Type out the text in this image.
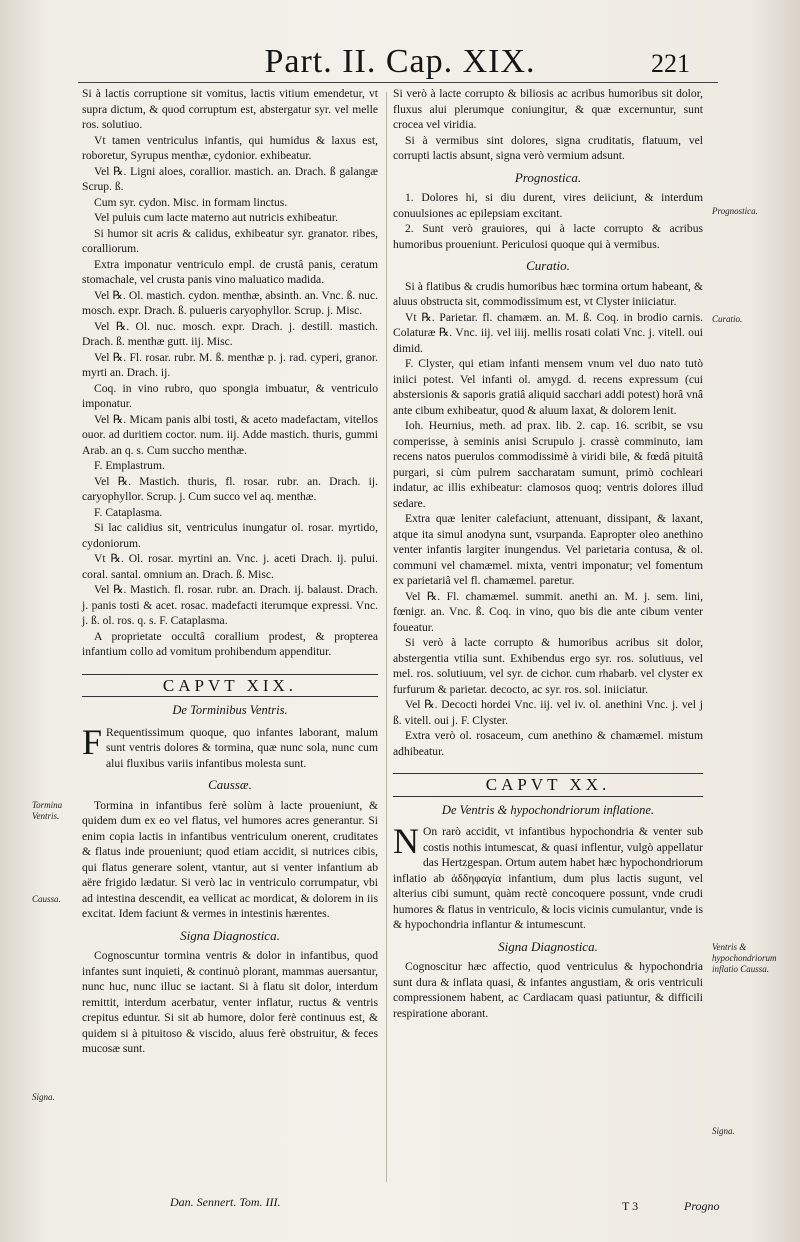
Part. II. Cap. XIX.	221

Si à lactis corruptione sit vomitus, lactis vitium emendetur, vt supra dictum, & quod corruptum est, abstergatur syr. vel melle ros. solutiuo.

Vt tamen ventriculus infantis, qui humidus & laxus est, roboretur, Syrupus menthæ, cydonior. exhibeatur.

Vel ℞. Ligni aloes, corallior. mastich. an. Drach. ß galangæ Scrup. ß.

Cum syr. cydon. Misc. in formam linctus.

Vel puluis cum lacte materno aut nutricis exhibeatur.

Si humor sit acris & calidus, exhibeatur syr. granator. ribes, coralliorum.

Extra imponatur ventriculo empl. de crustâ panis, ceratum stomachale, vel crusta panis vino maluatico madida.

Vel ℞. Ol. mastich. cydon. menthæ, absinth. an. Vnc. ß. nuc. mosch. expr. Drach. ß. pulueris caryophyllor. Scrup. j. Misc.

Vel ℞. Ol. nuc. mosch. expr. Drach. j. destill. mastich. Drach. ß. menthæ gutt. iij. Misc.

Vel ℞. Fl. rosar. rubr. M. ß. menthæ p. j. rad. cyperi, granor. myrti an. Drach. ij.

Coq. in vino rubro, quo spongia imbuatur, & ventriculo imponatur.

Vel ℞. Micam panis albi tosti, & aceto madefactam, vitellos ouor. ad duritiem coctor. num. iij. Adde mastich. thuris, gummi Arab. an q. s. Cum succho menthæ.

F. Emplastrum.

Vel ℞. Mastich. thuris, fl. rosar. rubr. an. Drach. ij. caryophyllor. Scrup. j. Cum succo vel aq. menthæ.

F. Cataplasma.

Si lac calidius sit, ventriculus inungatur ol. rosar. myrtido, cydoniorum.

Vt ℞. Ol. rosar. myrtini an. Vnc. j. aceti Drach. ij. pului. coral. santal. omnium an. Drach. ß. Misc.

Vel ℞. Mastich. fl. rosar. rubr. an. Drach. ij. balaust. Drach. j. panis tosti & acet. rosac. madefacti iterumque expressi. Vnc. j. ß. ol. ros. q. s. F. Cataplasma.

A proprietate occultâ corallium prodest, & propterea infantium collo ad vomitum prohibendum appenditur.

CAPVT XIX.
De Torminibus Ventris.

F Requentissimum quoque, quo infantes laborant, malum sunt ventris dolores & tormina, quæ nunc sola, nunc cum alui fluxibus variis infantibus molesta sunt.

Caussæ.

Tormina in infantibus ferè solùm à lacte proueniunt, & quidem dum ex eo vel flatus, vel humores acres generantur. Si enim copia lactis in infantibus ventriculum onerent, cruditates & flatus inde proueniunt; quod etiam accidit, si nutrices cibis, qui flatus generare solent, vtantur, aut si venter infantium ab aëre frigido lædatur. Si verò lac in ventriculo corrumpatur, vbi ad intestina descendit, ea vellicat ac mordicat, & dolorem in iis excitat. Idem faciunt & vermes in intestinis hærentes.

Signa Diagnostica.

Cognoscuntur tormina ventris & dolor in infantibus, quod infantes sunt inquieti, & continuò plorant, mammas auersantur, nunc huc, nunc illuc se iactant. Si à flatu sit dolor, interdum remittit, interdum acerbatur, venter inflatur, ructus & ventris crepitus eduntur. Si sit ab humore, dolor ferè continuus est, & quidem si à pituitoso & viscido, aluus ferè obstruitur, & feces mucosæ sunt.

Si verò à lacte corrupto & biliosis ac acribus humoribus sit dolor, fluxus alui plerumque coniungitur, & quæ excernuntur, sunt crocea vel viridia.

Si à vermibus sint dolores, signa cruditatis, flatuum, vel corrupti lactis absunt, signa verò vermium adsunt.

Prognostica.

1. Dolores hi, si diu durent, vires deiiciunt, & interdum conuulsiones ac epilepsiam excitant.

2. Sunt verò grauiores, qui à lacte corrupto & acribus humoribus proueniunt. Periculosi quoque qui à vermibus.

Curatio.

Si à flatibus & crudis humoribus hæc tormina ortum habeant, & aluus obstructa sit, commodissimum est, vt Clyster iniiciatur.

Vt ℞. Parietar. fl. chamæm. an. M. ß. Coq. in brodio carnis. Colaturæ ℞. Vnc. iij. vel iiij. mellis rosati colati Vnc. j. vitell. oui dimid.

F. Clyster, qui etiam infanti mensem vnum vel duo nato tutò iniici potest. Vel infanti ol. amygd. d. recens expressum (cui abstersionis & saporis gratiâ aliquid sacchari addi potest) horâ vnâ ante cibum exhibeatur, quod & aluum laxat, & dolorem lenit.

Ioh. Heurnius, meth. ad prax. lib. 2. cap. 16. scribit, se vsu comperisse, à seminis anisi Scrupulo j. crassè comminuto, iam recens natos puerulos commodissimè à viridi bile, & fœdâ pituitâ purgari, si cùm pulrem saccharatam sumunt, primò cochleari indatur, ac illis exhibeatur: clamosos quoq; ventris dolores illud sedare.

Extra quæ leniter calefaciunt, attenuant, dissipant, & laxant, atque ita simul anodyna sunt, vsurpanda. Eapropter oleo anethino venter infantis largiter inungendus. Vel parietaria contusa, & ol. communi vel chamæmel. mixta, ventri imponatur; vel fomentum ex parietariâ vel fl. chamæmel. paretur.

Vel ℞. Fl. chamæmel. summit. anethi an. M. j. sem. lini, fœnigr. an. Vnc. ß. Coq. in vino, quo bis die ante cibum venter foueatur.

Si verò à lacte corrupto & humoribus acribus sit dolor, abstergentia vtilia sunt. Exhibendus ergo syr. ros. solutiuus, vel mel. ros. solutiuum, vel syr. de cichor. cum rhabarb. vel clyster ex furfurum & parietar. decocto, ac syr. ros. sol. iniiciatur.

Vel ℞. Decocti hordei Vnc. iij. vel iv. ol. anethini Vnc. j. vel j ß. vitell. oui j. F. Clyster.

Extra verò ol. rosaceum, cum anethino & chamæmel. mistum adhibeatur.

CAPVT XX.
De Ventris & hypochondriorum inflatione.

N On rarò accidit, vt infantibus hypochondria & venter sub costis nothis intumescat, & quasi inflentur, vulgò appellatur das Hertzgespan. Ortum autem habet hæc hypochondriorum inflatio ab ἀδδηφαγία infantium, dum plus lactis sugunt, vel alterius cibi sumunt, quàm rectè concoquere possunt, vnde crudi humores & flatus in ventriculo, & locis vicinis cumulantur, vnde is & hypochondria inflantur & intumescunt.

Signa Diagnostica.

Cognoscitur hæc affectio, quod ventriculus & hypochondria sunt dura & inflata quasi, & infantes angustiam, & oris ventriculi compressionem habent, ac Cardiacam quasi patiuntur, & difficili respiratione aborant.

Prognostica.
Curatio.
Tormina Ventris.
Caussa.
Ventris & hypochondriorum inflatio Caussa.
Signa.
Signa.
Dan. Sennert. Tom. III.	T 3	Progno
